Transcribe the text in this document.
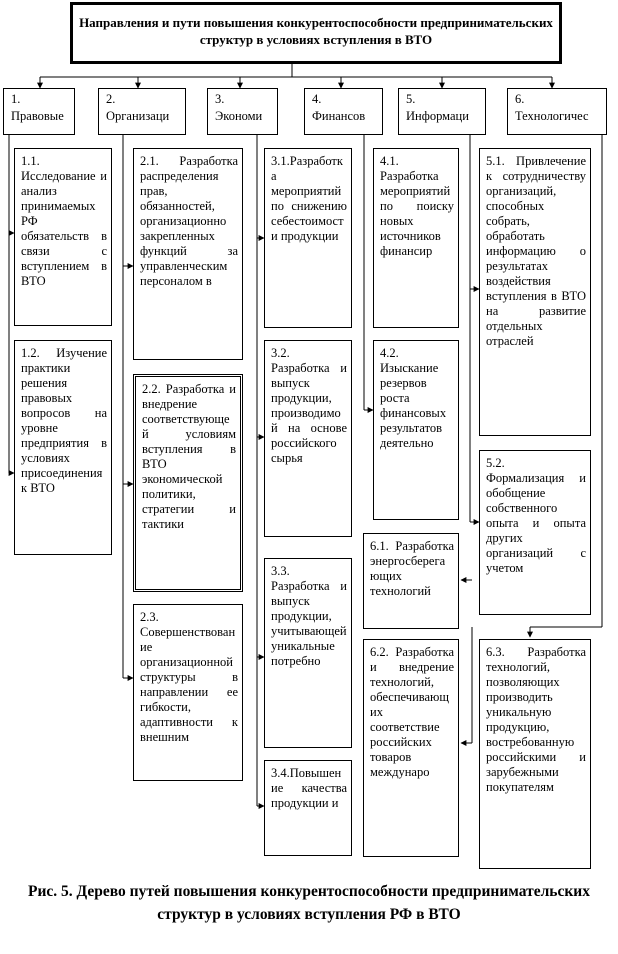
Направления и пути повышения конкурентоспособности предпринимательских структур в условиях вступления в ВТО
1.
Правовые
2.
Организаци
3.
Экономи
4.
Финансов
5.
Информаци
6.
Технологичес
1.1. Исследование и анализ принимаемых РФ обязательств в связи с вступлением в ВТО
1.2. Изучение практики решения правовых вопросов на уровне предприятия в условиях присоединения к ВТО
2.1. Разработка распределения прав, обязанностей, организационно закрепленных функций за управленческим персоналом в
2.2. Разработка и внедрение соответствующей условиям вступления в ВТО экономической политики, стратегии и тактики
2.3. Совершенствование организационной структуры в направлении ее гибкости, адаптивности к внешним
3.1.Разработка мероприятий по снижению себестоимости продукции
3.2. Разработка и выпуск продукции, производимой на основе российского сырья
3.3. Разработка и выпуск продукции, учитывающей уникальные потребно
3.4.Повышение качества продукции и
4.1. Разработка мероприятий по поиску новых источников финансир
4.2. Изыскание резервов роста финансовых результатов деятельно
5.1. Привлечение к сотрудничеству организаций, способных собрать, обработать информацию о результатах воздействия вступления в ВТО на развитие отдельных отраслей
5.2. Формализация и обобщение собственного опыта и опыта других организаций с учетом
6.1. Разработка энергосберегающих технологий
6.2. Разработка и внедрение технологий, обеспечивающих соответствие российских товаров междунаро
6.3. Разработка технологий, позволяющих производить уникальную продукцию, востребованную российскими и зарубежными покупателям
Рис. 5. Дерево путей повышения конкурентоспособности предпринимательских структур в условиях вступления РФ в ВТО
